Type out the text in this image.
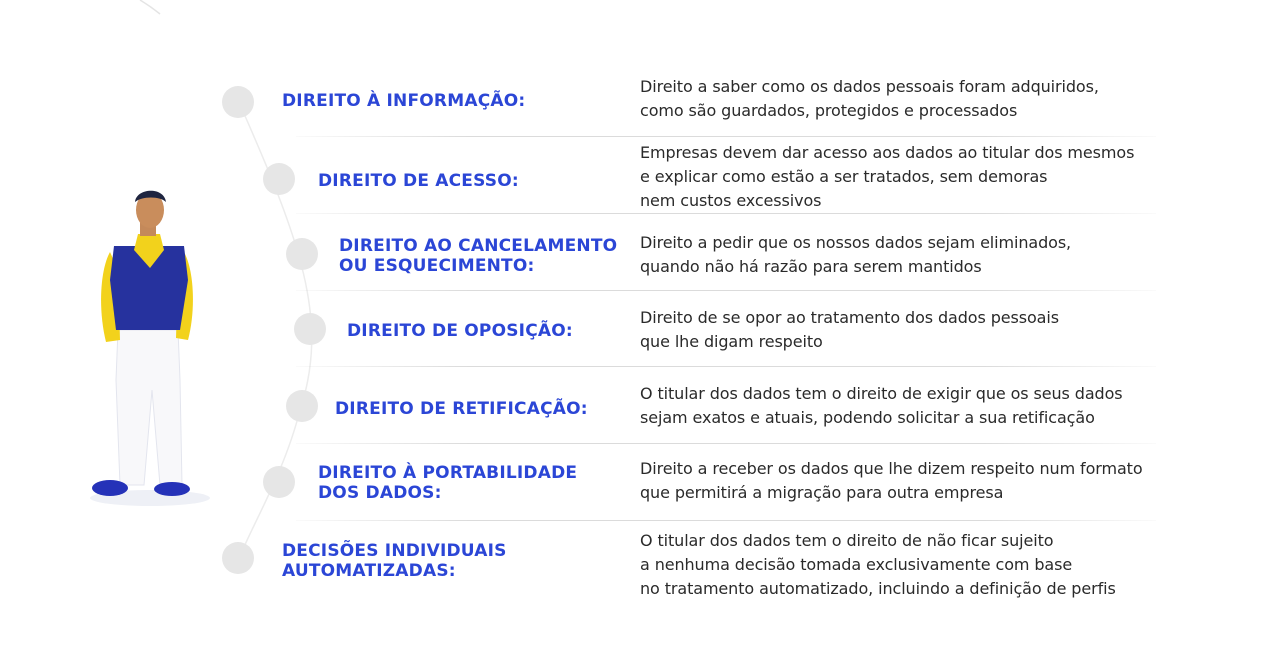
DIREITO À INFORMAÇÃO:
Direito a saber como os dados pessoais foram adquiridos,
como são guardados, protegidos e processados
DIREITO DE ACESSO:
Empresas devem dar acesso aos dados ao titular dos mesmos
e explicar como estão a ser tratados, sem demoras
nem custos excessivos
DIREITO AO CANCELAMENTO
OU ESQUECIMENTO:
Direito a pedir que os nossos dados sejam eliminados,
quando não há razão para serem mantidos
DIREITO DE OPOSIÇÃO:
Direito de se opor ao tratamento dos dados pessoais
que lhe digam respeito
DIREITO DE RETIFICAÇÃO:
O titular dos dados tem o direito de exigir que os seus dados
sejam exatos e atuais, podendo solicitar a sua retificação
DIREITO À PORTABILIDADE
DOS DADOS:
Direito a receber os dados que lhe dizem respeito num formato
que permitirá a migração para outra empresa
DECISÕES INDIVIDUAIS
AUTOMATIZADAS:
O titular dos dados tem o direito de não ficar sujeito
a nenhuma decisão tomada exclusivamente com base
no tratamento automatizado, incluindo a definição de perfis
